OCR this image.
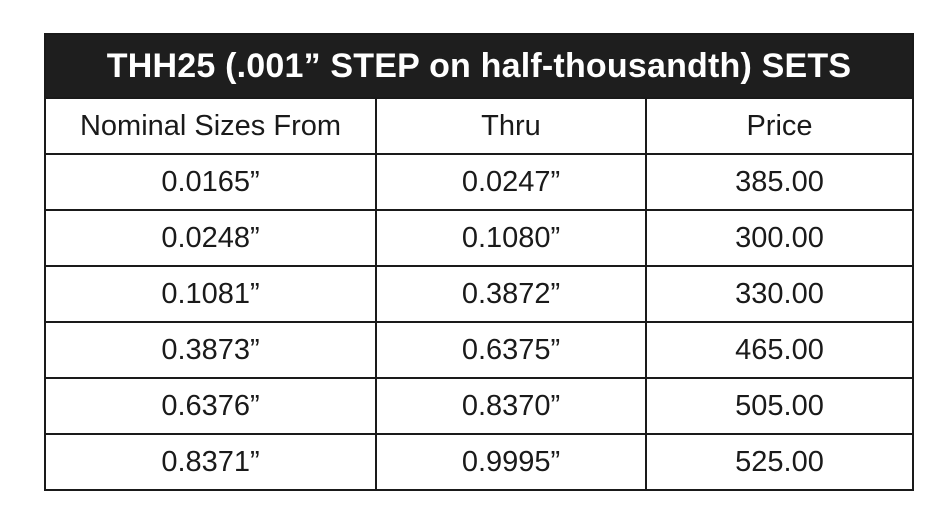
THH25 (.001” STEP on half-thousandth) SETS		
Nominal Sizes From	Thru	Price
0.0165”	0.0247”	385.00
0.0248”	0.1080”	300.00
0.1081”	0.3872”	330.00
0.3873”	0.6375”	465.00
0.6376”	0.8370”	505.00
0.8371”	0.9995”	525.00
